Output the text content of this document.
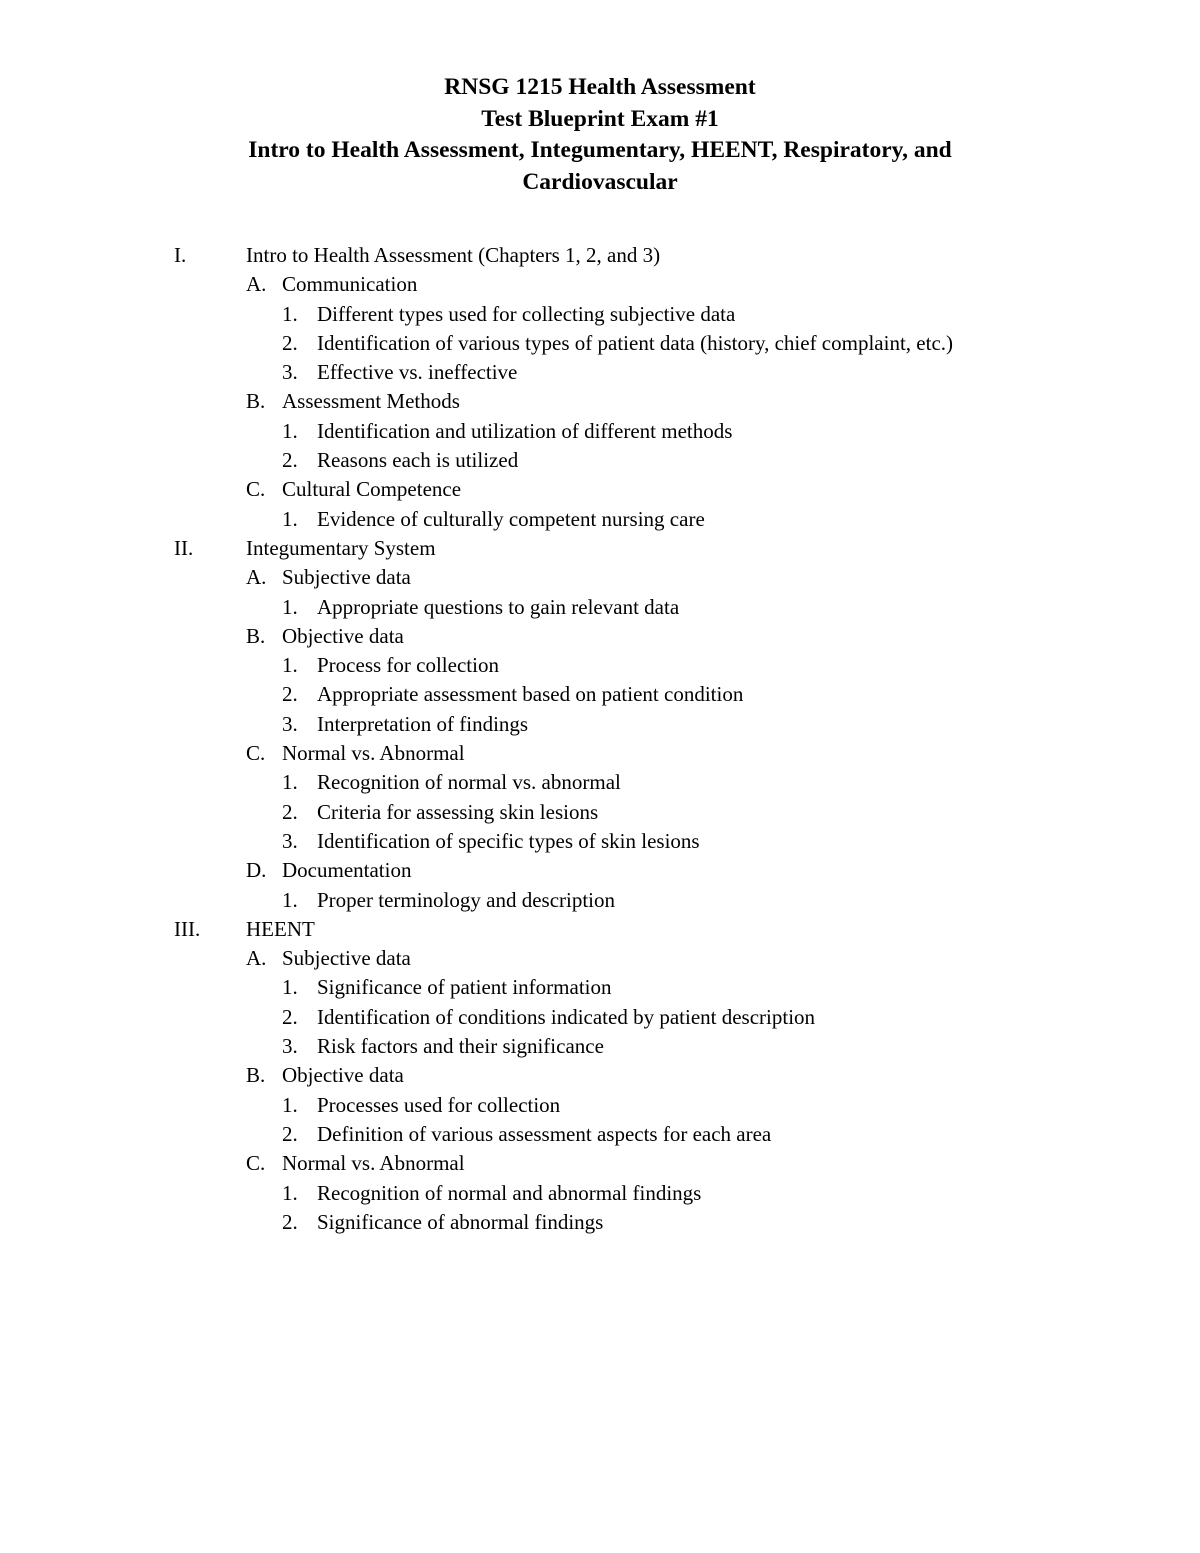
RNSG 1215 Health Assessment
Test Blueprint Exam #1
Intro to Health Assessment, Integumentary, HEENT, Respiratory, and
Cardiovascular
I.	Intro to Health Assessment (Chapters 1, 2, and 3)
A. Communication
1. Different types used for collecting subjective data
2. Identification of various types of patient data (history, chief complaint, etc.)
3. Effective vs. ineffective
B. Assessment Methods
1. Identification and utilization of different methods
2. Reasons each is utilized
C. Cultural Competence
1. Evidence of culturally competent nursing care
II.	Integumentary System
A. Subjective data
1. Appropriate questions to gain relevant data
B. Objective data
1. Process for collection
2. Appropriate assessment based on patient condition
3. Interpretation of findings
C. Normal vs. Abnormal
1. Recognition of normal vs. abnormal
2. Criteria for assessing skin lesions
3. Identification of specific types of skin lesions
D. Documentation
1. Proper terminology and description
III. HEENT
A. Subjective data
1. Significance of patient information
2. Identification of conditions indicated by patient description
3. Risk factors and their significance
B. Objective data
1. Processes used for collection
2. Definition of various assessment aspects for each area
C. Normal vs. Abnormal
1. Recognition of normal and abnormal findings
2. Significance of abnormal findings
